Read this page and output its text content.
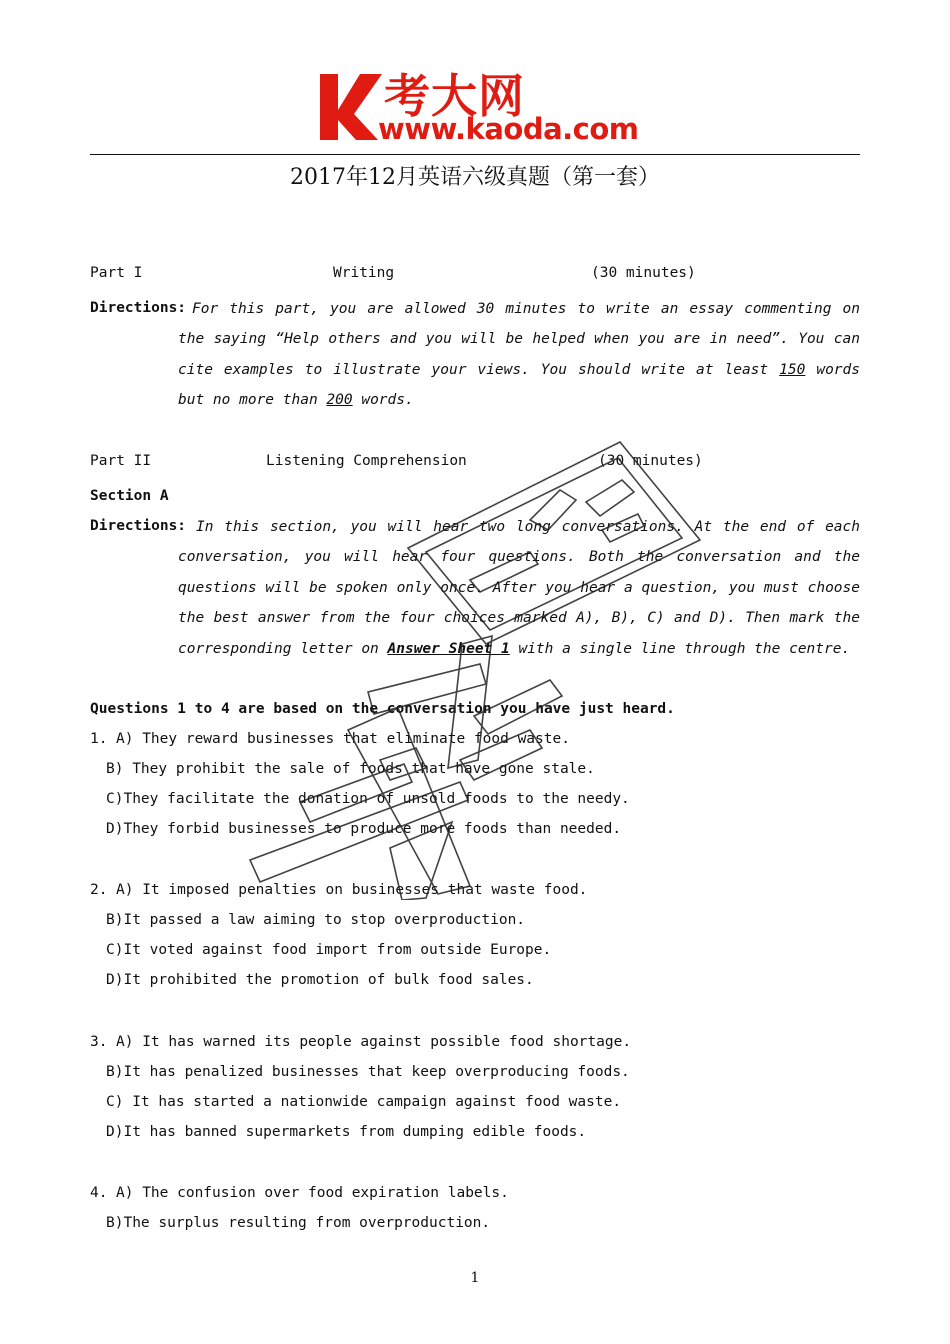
考大网
www.kaoda.com
2017年12月英语六级真题（第一套）
Part I	Writing	(30 minutes)
Directions: For this part, you are allowed 30 minutes to write an essay commenting on the saying “Help others and you will be helped when you are in need”. You can cite examples to illustrate your views. You should write at least 150 words but no more than 200 words.
Part II	Listening Comprehension	(30 minutes)
Section A
Directions: In this section, you will hear two long conversations. At the end of each conversation, you will hear four questions. Both the conversation and the questions will be spoken only once. After you hear a question, you must choose the best answer from the four choices marked A), B), C) and D). Then mark the corresponding letter on Answer Sheet 1 with a single line through the centre.
Questions 1 to 4 are based on the conversation you have just heard.
1. A) They reward businesses that eliminate food waste.
B) They prohibit the sale of foods that have gone stale.
C)They facilitate the donation of unsold foods to the needy.
D)They forbid businesses to produce more foods than needed.
2. A) It imposed penalties on businesses that waste food.
B)It passed a law aiming to stop overproduction.
C)It voted against food import from outside Europe.
D)It prohibited the promotion of bulk food sales.
3. A) It has warned its people against possible food shortage.
B)It has penalized businesses that keep overproducing foods.
C) It has started a nationwide campaign against food waste.
D)It has banned supermarkets from dumping edible foods.
4. A) The confusion over food expiration labels.
B)The surplus resulting from overproduction.
1
